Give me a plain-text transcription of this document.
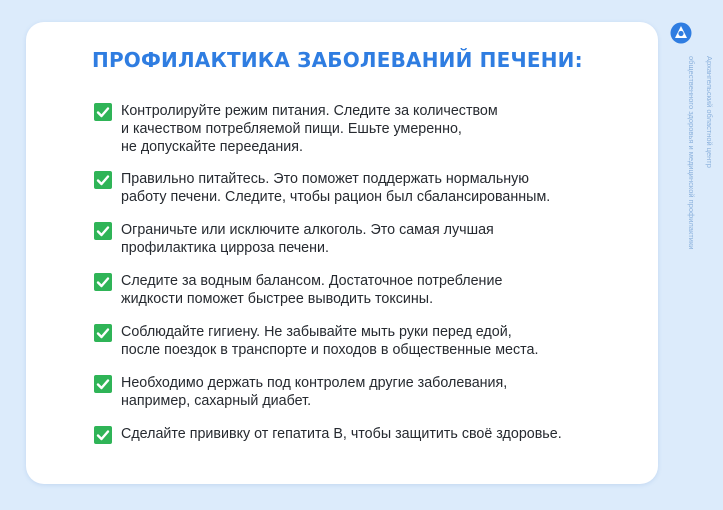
ПРОФИЛАКТИКА ЗАБОЛЕВАНИЙ ПЕЧЕНИ:
Контролируйте режим питания. Следите за количеством
и качеством потребляемой пищи. Ешьте умеренно,
не допускайте переедания.
Правильно питайтесь. Это поможет поддержать нормальную
работу печени. Следите, чтобы рацион был сбалансированным.
Ограничьте или исключите алкоголь. Это самая лучшая
профилактика цирроза печени.
Следите за водным балансом. Достаточное потребление
жидкости поможет быстрее выводить токсины.
Соблюдайте гигиену. Не забывайте мыть руки перед едой,
после поездок в транспорте и походов в общественные места.
Необходимо держать под контролем другие заболевания,
например, сахарный диабет.
Сделайте прививку от гепатита В, чтобы защитить своё здоровье.

Архангельский областной центр

общественного здоровья и медицинской профилактики
